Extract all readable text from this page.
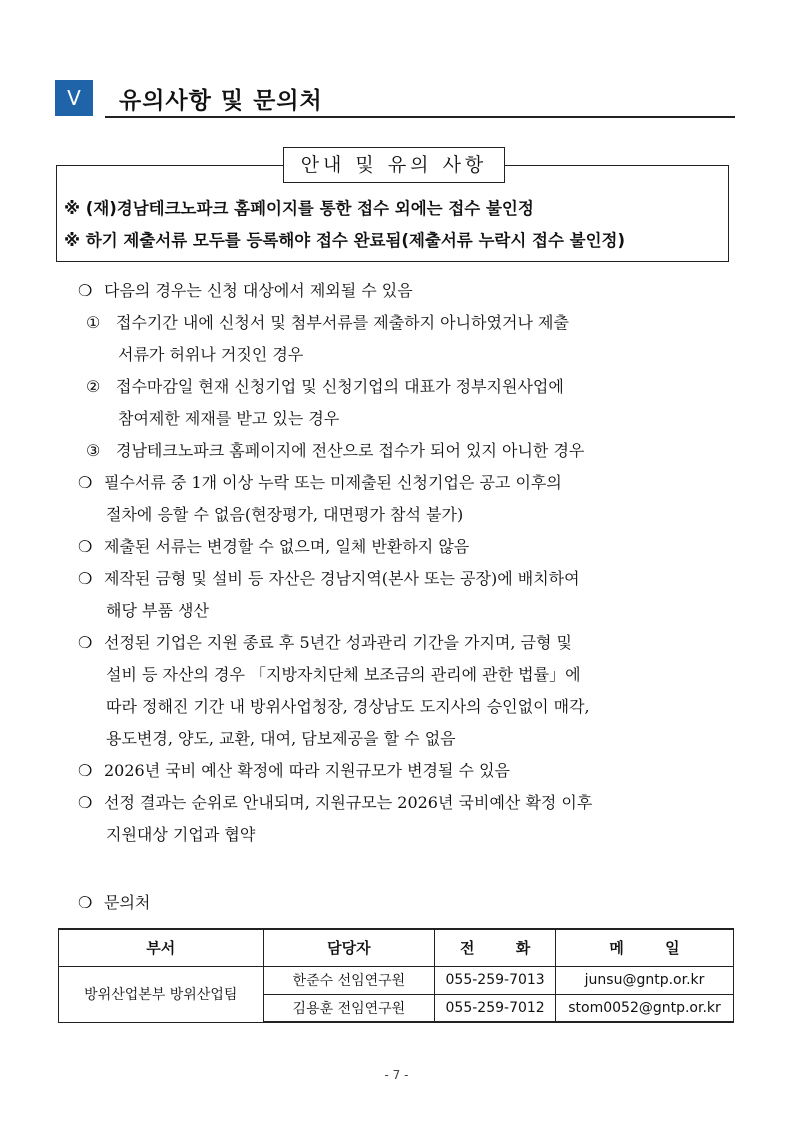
Ⅴ	유의사항 및 문의처
안내 및 유의 사항
※ (재)경남테크노파크 홈페이지를 통한 접수 외에는 접수 불인정
※ 하기 제출서류 모두를 등록해야 접수 완료됨(제출서류 누락시 접수 불인정)
❍ 다음의 경우는 신청 대상에서 제외될 수 있음
① 접수기간 내에 신청서 및 첨부서류를 제출하지 아니하였거나 제출
서류가 허위나 거짓인 경우
② 접수마감일 현재 신청기업 및 신청기업의 대표가 정부지원사업에
참여제한 제재를 받고 있는 경우
③ 경남테크노파크 홈페이지에 전산으로 접수가 되어 있지 아니한 경우
❍ 필수서류 중 1개 이상 누락 또는 미제출된 신청기업은 공고 이후의
절차에 응할 수 없음(현장평가, 대면평가 참석 불가)
❍ 제출된 서류는 변경할 수 없으며, 일체 반환하지 않음
❍ 제작된 금형 및 설비 등 자산은 경남지역(본사 또는 공장)에 배치하여
해당 부품 생산
❍ 선정된 기업은 지원 종료 후 5년간 성과관리 기간을 가지며, 금형 및
설비 등 자산의 경우 「지방자치단체 보조금의 관리에 관한 법률」에
따라 정해진 기간 내 방위사업청장, 경상남도 도지사의 승인없이 매각,
용도변경, 양도, 교환, 대여, 담보제공을 할 수 없음
❍ 2026년 국비 예산 확정에 따라 지원규모가 변경될 수 있음
❍ 선정 결과는 순위로 안내되며, 지원규모는 2026년 국비예산 확정 이후
지원대상 기업과 협약
❍ 문의처
부서	담당자	전 화	메 일
방위산업본부 방위산업팀	한준수 선임연구원	055-259-7013	junsu@gntp.or.kr
	김용훈 전임연구원	055-259-7012	stom0052@gntp.or.kr
- 7 -
